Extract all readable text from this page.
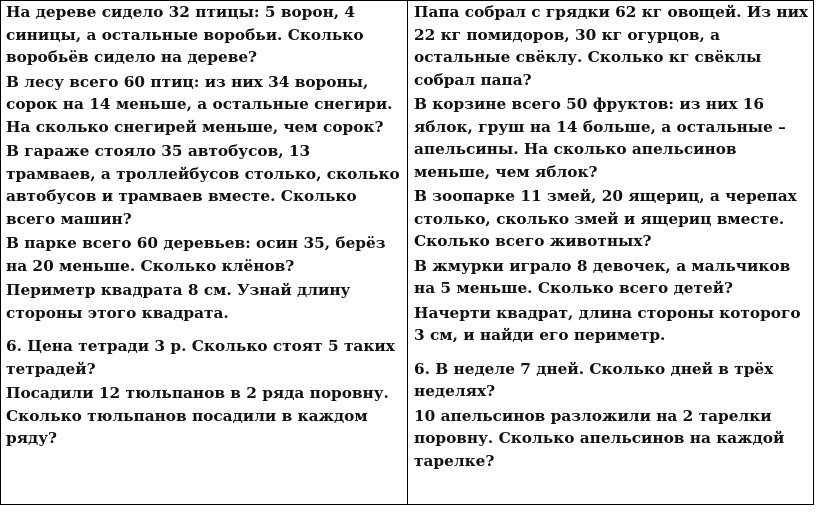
На дереве сидело 32 птицы: 5 ворон, 4 синицы, а остальные воробьи. Сколько воробьёв сидело на дереве?

В лесу всего 60 птиц: из них 34 вороны, сорок на 14 меньше, а остальные снегири. На сколько снегирей меньше, чем сорок?

В гараже стояло 35 автобусов, 13 трамваев, а троллейбусов столько, сколько автобусов и трамваев вместе. Сколько всего машин?

В парке всего 60 деревьев: осин 35, берёз на 20 меньше. Сколько клёнов?

Периметр квадрата 8 см. Узнай длину стороны этого квадрата.

6. Цена тетради 3 р. Сколько стоят 5 таких тетрадей?

Посадили 12 тюльпанов в 2 ряда поровну. Сколько тюльпанов посадили в каждом ряду?

Папа собрал с грядки 62 кг овощей. Из них 22 кг помидоров, 30 кг огурцов, а остальные свёклу. Сколько кг свёклы собрал папа?

В корзине всего 50 фруктов: из них 16 яблок, груш на 14 больше, а остальные – апельсины. На сколько апельсинов меньше, чем яблок?

В зоопарке 11 змей, 20 ящериц, а черепах столько, сколько змей и ящериц вместе. Сколько всего животных?

В жмурки играло 8 девочек, а мальчиков на 5 меньше. Сколько всего детей?

Начерти квадрат, длина стороны которого 3 см, и найди его периметр.

6. В неделе 7 дней. Сколько дней в трёх неделях?

10 апельсинов разложили на 2 тарелки поровну. Сколько апельсинов на каждой тарелке?
